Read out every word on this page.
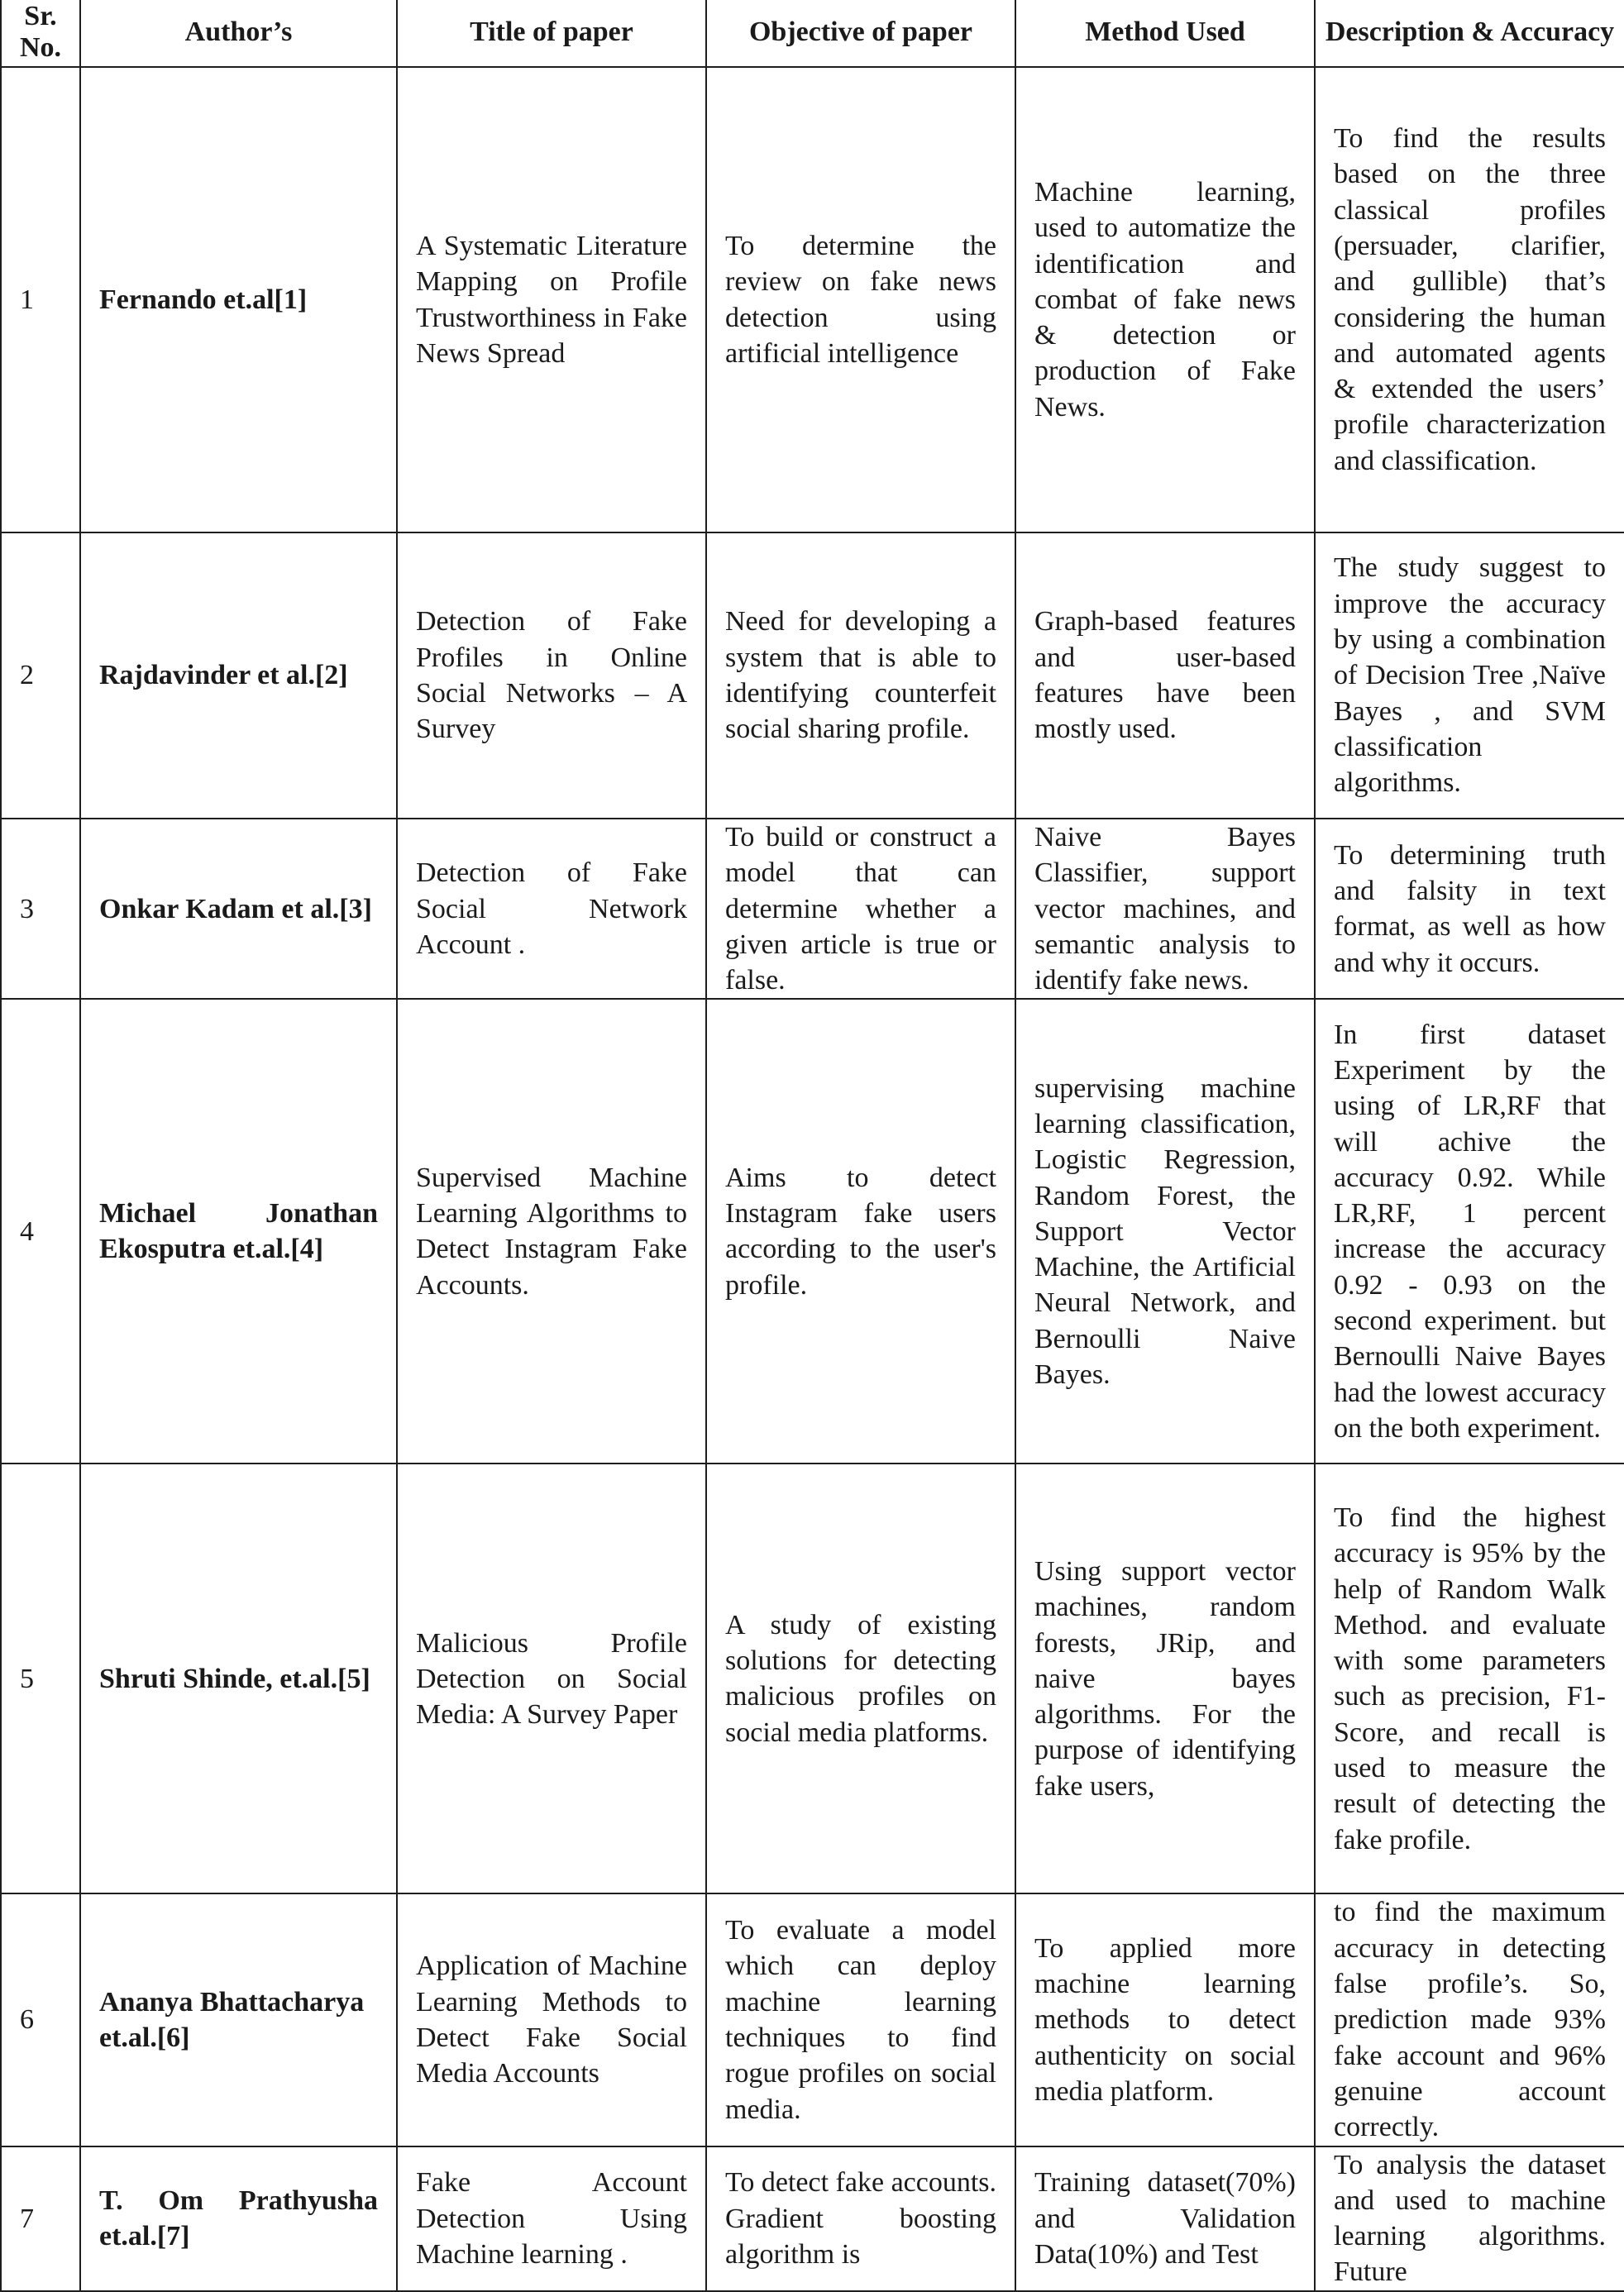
Sr. No.	Author’s	Title of paper	Objective of paper	Method Used	Description & Accuracy
1	Fernando et.al[1]	A Systematic Literature Mapping on Profile Trustworthiness in Fake News Spread	To determine the review on fake news detection using artificial intelligence	Machine learning, used to automatize the identification and combat of fake news & detection or production of Fake News.	To find the results based on the three classical profiles (persuader, clarifier, and gullible) that’s considering the human and automated agents & extended the users’ profile characterization and classification.
2	Rajdavinder et al.[2]	Detection of Fake Profiles in Online Social Networks – A Survey	Need for developing a system that is able to identifying counterfeit social sharing profile.	Graph-based features and user-based features have been mostly used.	The study suggest to improve the accuracy by using a combination of Decision Tree ,Naïve Bayes , and SVM classification algorithms.
3	Onkar Kadam et al.[3]	Detection of Fake Social Network Account .	To build or construct a model that can determine whether a given article is true or false.	Naive Bayes Classifier, support vector machines, and semantic analysis to identify fake news.	To determining truth and falsity in text format, as well as how and why it occurs.
4	Michael Jonathan Ekosputra et.al.[4]	Supervised Machine Learning Algorithms to Detect Instagram Fake Accounts.	Aims to detect Instagram fake users according to the user's profile.	supervising machine learning classification, Logistic Regression, Random Forest, the Support Vector Machine, the Artificial Neural Network, and Bernoulli Naive Bayes.	In first dataset Experiment by the using of LR,RF that will achive the accuracy 0.92. While LR,RF, 1 percent increase the accuracy 0.92 - 0.93 on the second experiment. but Bernoulli Naive Bayes had the lowest accuracy on the both experiment.
5	Shruti Shinde, et.al.[5]	Malicious Profile Detection on Social Media: A Survey Paper	A study of existing solutions for detecting malicious profiles on social media platforms.	Using support vector machines, random forests, JRip, and naive bayes algorithms. For the purpose of identifying fake users,	To find the highest accuracy is 95% by the help of Random Walk Method. and evaluate with some parameters such as precision, F1- Score, and recall is used to measure the result of detecting the fake profile.
6	Ananya Bhattacharya et.al.[6]	Application of Machine Learning Methods to Detect Fake Social Media Accounts	To evaluate a model which can deploy machine learning techniques to find rogue profiles on social media.	To applied more machine learning methods to detect authenticity on social media platform.	to find the maximum accuracy in detecting false profile’s. So, prediction made 93% fake account and 96% genuine account correctly.
7	T. Om Prathyusha et.al.[7]	Fake Account Detection Using Machine learning .	To detect fake accounts. Gradient boosting algorithm is	Training dataset(70%) and Validation Data(10%) and Test	To analysis the dataset and used to machine learning algorithms. Future
